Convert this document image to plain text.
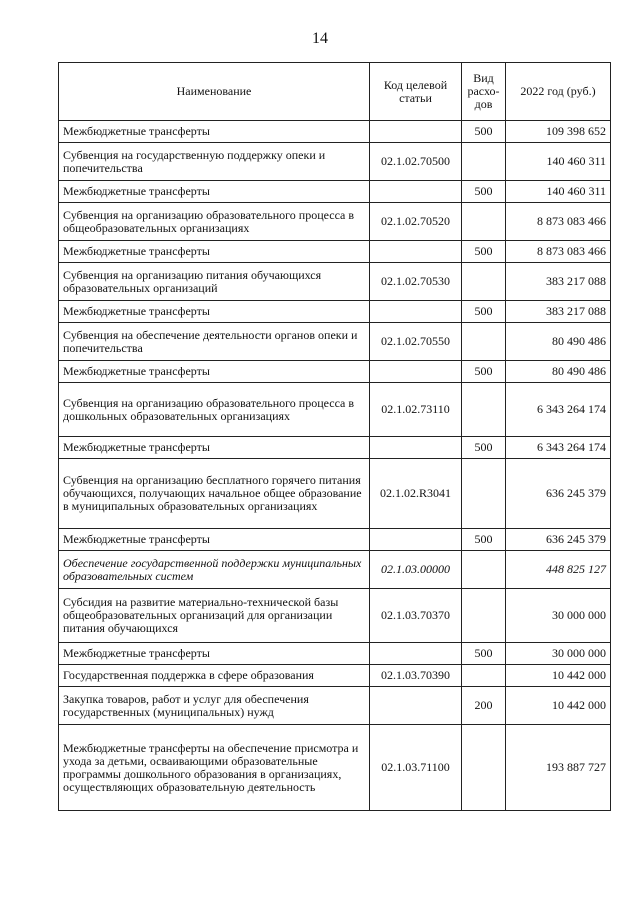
14
Наименование	Код целевой статьи	Вид расхо-дов	2022 год (руб.)
Межбюджетные трансферты		500	109 398 652
Субвенция на государственную поддержку опеки и попечительства	02.1.02.70500		140 460 311
Межбюджетные трансферты		500	140 460 311
Субвенция на организацию образовательного процесса в общеобразовательных организациях	02.1.02.70520		8 873 083 466
Межбюджетные трансферты		500	8 873 083 466
Субвенция на организацию питания обучающихся образовательных организаций	02.1.02.70530		383 217 088
Межбюджетные трансферты		500	383 217 088
Субвенция на обеспечение деятельности органов опеки и попечительства	02.1.02.70550		80 490 486
Межбюджетные трансферты		500	80 490 486
Субвенция на организацию образовательного процесса в дошкольных образовательных организациях	02.1.02.73110		6 343 264 174
Межбюджетные трансферты		500	6 343 264 174
Субвенция на организацию бесплатного горячего питания обучающихся, получающих начальное общее образование в муниципальных образовательных организациях	02.1.02.R3041		636 245 379
Межбюджетные трансферты		500	636 245 379
Обеспечение государственной поддержки муниципальных образовательных систем	02.1.03.00000		448 825 127
Субсидия на развитие материально-технической базы общеобразовательных организаций для организации питания обучающихся	02.1.03.70370		30 000 000
Межбюджетные трансферты		500	30 000 000
Государственная поддержка в сфере образования	02.1.03.70390		10 442 000
Закупка товаров, работ и услуг для обеспечения государственных (муниципальных) нужд		200	10 442 000
Межбюджетные трансферты на обеспечение присмотра и ухода за детьми, осваивающими образовательные программы дошкольного образования в организациях, осуществляющих образовательную деятельность	02.1.03.71100		193 887 727
